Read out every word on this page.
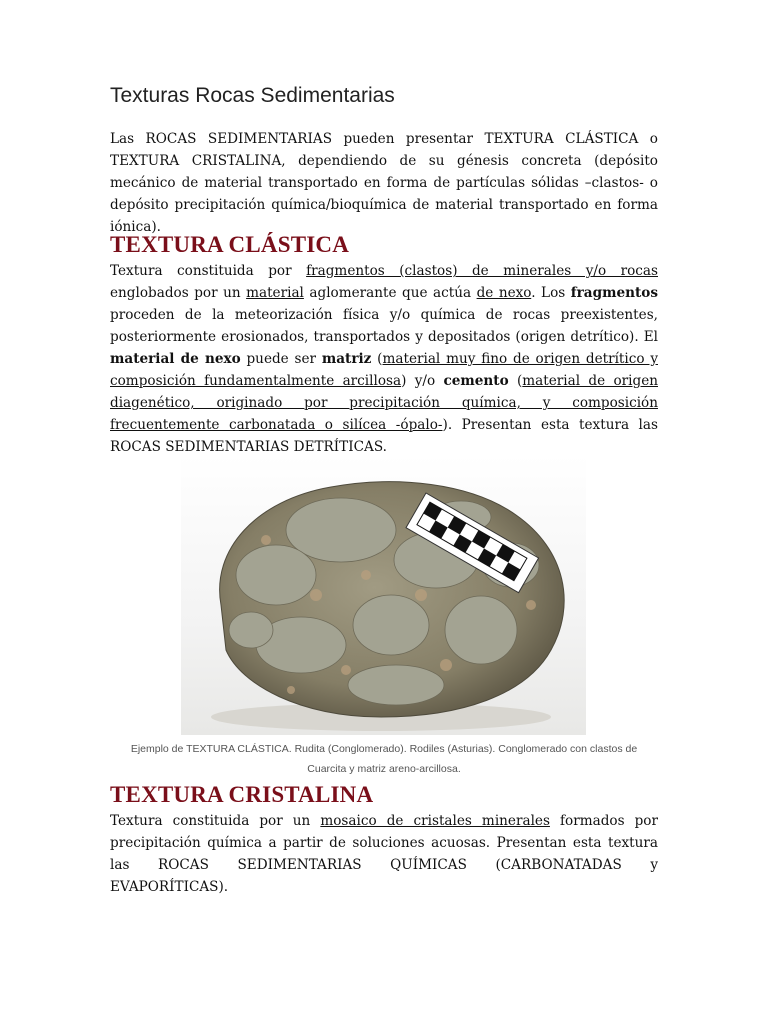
Texturas Rocas Sedimentarias

Las ROCAS SEDIMENTARIAS pueden presentar TEXTURA CLÁSTICA o TEXTURA CRISTALINA, dependiendo de su génesis concreta (depósito mecánico de material transportado en forma de partículas sólidas –clastos- o depósito precipitación química/bioquímica de material transportado en forma iónica).

TEXTURA CLÁSTICA

Textura constituida por fragmentos (clastos) de minerales y/o rocas englobados por un material aglomerante que actúa de nexo. Los fragmentos proceden de la meteorización física y/o química de rocas preexistentes, posteriormente erosionados, transportados y depositados (origen detrítico). El material de nexo puede ser matriz (material muy fino de origen detrítico y composición fundamentalmente arcillosa) y/o cemento (material de origen diagenético, originado por precipitación química, y composición frecuentemente carbonatada o silícea -ópalo-). Presentan esta textura las ROCAS SEDIMENTARIAS DETRÍTICAS.

Ejemplo de TEXTURA CLÁSTICA. Rudita (Conglomerado). Rodiles (Asturias). Conglomerado con clastos de Cuarcita y matriz areno-arcillosa.

TEXTURA CRISTALINA

Textura constituida por un mosaico de cristales minerales formados por precipitación química a partir de soluciones acuosas. Presentan esta textura las ROCAS SEDIMENTARIAS QUÍMICAS (CARBONATADAS y EVAPORÍTICAS).
